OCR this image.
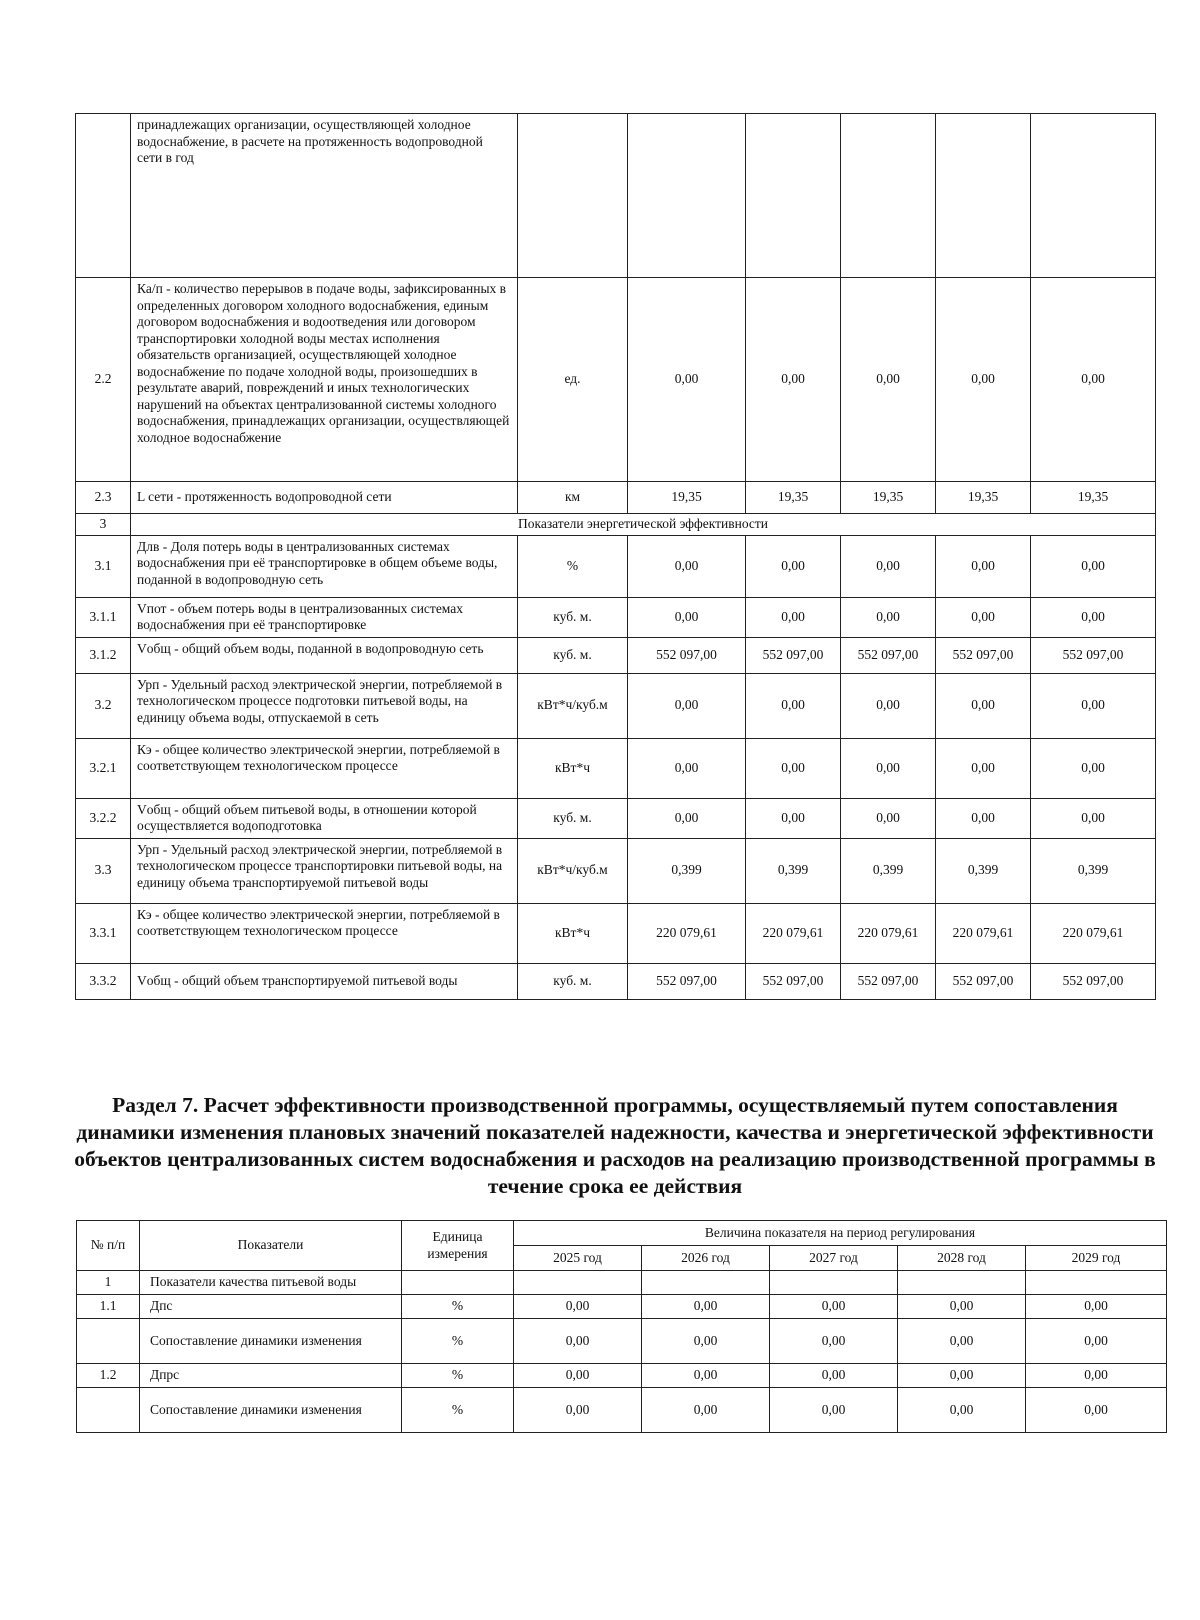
	принадлежащих организации, осуществляющей холодное водоснабжение, в расчете на протяженность водопроводной сети в год						
2.2	Ка/п - количество перерывов в подаче воды, зафиксированных в определенных договором холодного водоснабжения, единым договором водоснабжения и водоотведения или договором транспортировки холодной воды местах исполнения обязательств организацией, осуществляющей холодное водоснабжение по подаче холодной воды, произошедших в результате аварий, повреждений и иных технологических нарушений на объектах централизованной системы холодного водоснабжения, принадлежащих организации, осуществляющей холодное водоснабжение	ед.	0,00	0,00	0,00	0,00	0,00
2.3	L сети - протяженность водопроводной сети	км	19,35	19,35	19,35	19,35	19,35
3	Показатели энергетической эффективности						
3.1	Длв - Доля потерь воды в централизованных системах водоснабжения при её транспортировке в общем объеме воды, поданной в водопроводную сеть	%	0,00	0,00	0,00	0,00	0,00
3.1.1	Vпот - объем потерь воды в централизованных системах водоснабжения при её транспортировке	куб. м.	0,00	0,00	0,00	0,00	0,00
3.1.2	Vобщ - общий объем воды, поданной в водопроводную сеть	куб. м.	552 097,00	552 097,00	552 097,00	552 097,00	552 097,00
3.2	Урп - Удельный расход электрической энергии, потребляемой в технологическом процессе подготовки питьевой воды, на единицу объема воды, отпускаемой в сеть	кВт*ч/куб.м	0,00	0,00	0,00	0,00	0,00
3.2.1	Кэ - общее количество электрической энергии, потребляемой в соответствующем технологическом процессе	кВт*ч	0,00	0,00	0,00	0,00	0,00
3.2.2	Vобщ - общий объем питьевой воды, в отношении которой осуществляется водоподготовка	куб. м.	0,00	0,00	0,00	0,00	0,00
3.3	Урп - Удельный расход электрической энергии, потребляемой в технологическом процессе транспортировки питьевой воды, на единицу объема транспортируемой питьевой воды	кВт*ч/куб.м	0,399	0,399	0,399	0,399	0,399
3.3.1	Кэ - общее количество электрической энергии, потребляемой в соответствующем технологическом процессе	кВт*ч	220 079,61	220 079,61	220 079,61	220 079,61	220 079,61
3.3.2	Vобщ - общий объем транспортируемой питьевой воды	куб. м.	552 097,00	552 097,00	552 097,00	552 097,00	552 097,00
Раздел 7. Расчет эффективности производственной программы, осуществляемый путем сопоставления динамики изменения плановых значений показателей надежности, качества и энергетической эффективности объектов централизованных систем водоснабжения и расходов на реализацию производственной программы в течение срока ее действия
№ п/п	Показатели	Единица измерения	Величина показателя на период регулирования				
			2025 год	2026 год	2027 год	2028 год	2029 год
1	Показатели качества питьевой воды						
1.1	Дпс	%	0,00	0,00	0,00	0,00	0,00
	Сопоставление динамики изменения	%	0,00	0,00	0,00	0,00	0,00
1.2	Дпрс	%	0,00	0,00	0,00	0,00	0,00
	Сопоставление динамики изменения	%	0,00	0,00	0,00	0,00	0,00
